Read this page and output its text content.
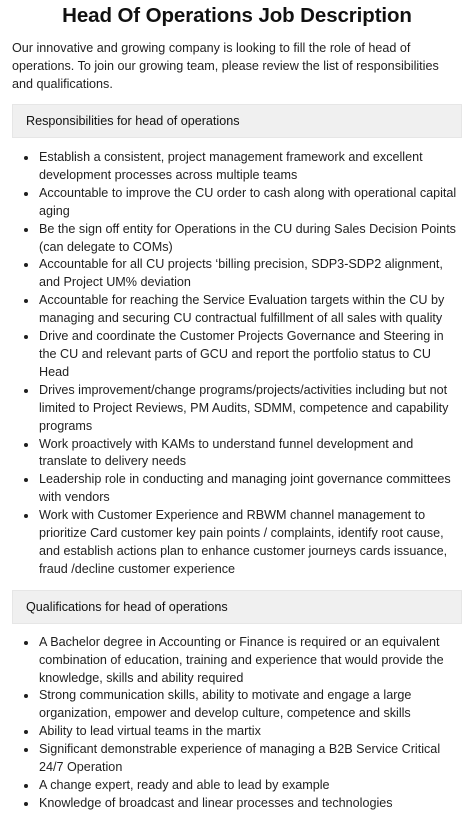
Head Of Operations Job Description

Our innovative and growing company is looking to fill the role of head of operations. To join our growing team, please review the list of responsibilities and qualifications.

Responsibilities for head of operations
Establish a consistent, project management framework and excellent development processes across multiple teams
Accountable to improve the CU order to cash along with operational capital aging
Be the sign off entity for Operations in the CU during Sales Decision Points (can delegate to COMs)
Accountable for all CU projects ‘billing precision, SDP3-SDP2 alignment, and Project UM% deviation
Accountable for reaching the Service Evaluation targets within the CU by managing and securing CU contractual fulfillment of all sales with quality
Drive and coordinate the Customer Projects Governance and Steering in the CU and relevant parts of GCU and report the portfolio status to CU Head
Drives improvement/change programs/projects/activities including but not limited to Project Reviews, PM Audits, SDMM, competence and capability programs
Work proactively with KAMs to understand funnel development and translate to delivery needs
Leadership role in conducting and managing joint governance committees with vendors
Work with Customer Experience and RBWM channel management to prioritize Card customer key pain points / complaints, identify root cause, and establish actions plan to enhance customer journeys cards issuance, fraud /decline customer experience
Qualifications for head of operations
A Bachelor degree in Accounting or Finance is required or an equivalent combination of education, training and experience that would provide the knowledge, skills and ability required
Strong communication skills, ability to motivate and engage a large organization, empower and develop culture, competence and skills
Ability to lead virtual teams in the martix
Significant demonstrable experience of managing a B2B Service Critical 24/7 Operation
A change expert, ready and able to lead by example
Knowledge of broadcast and linear processes and technologies
